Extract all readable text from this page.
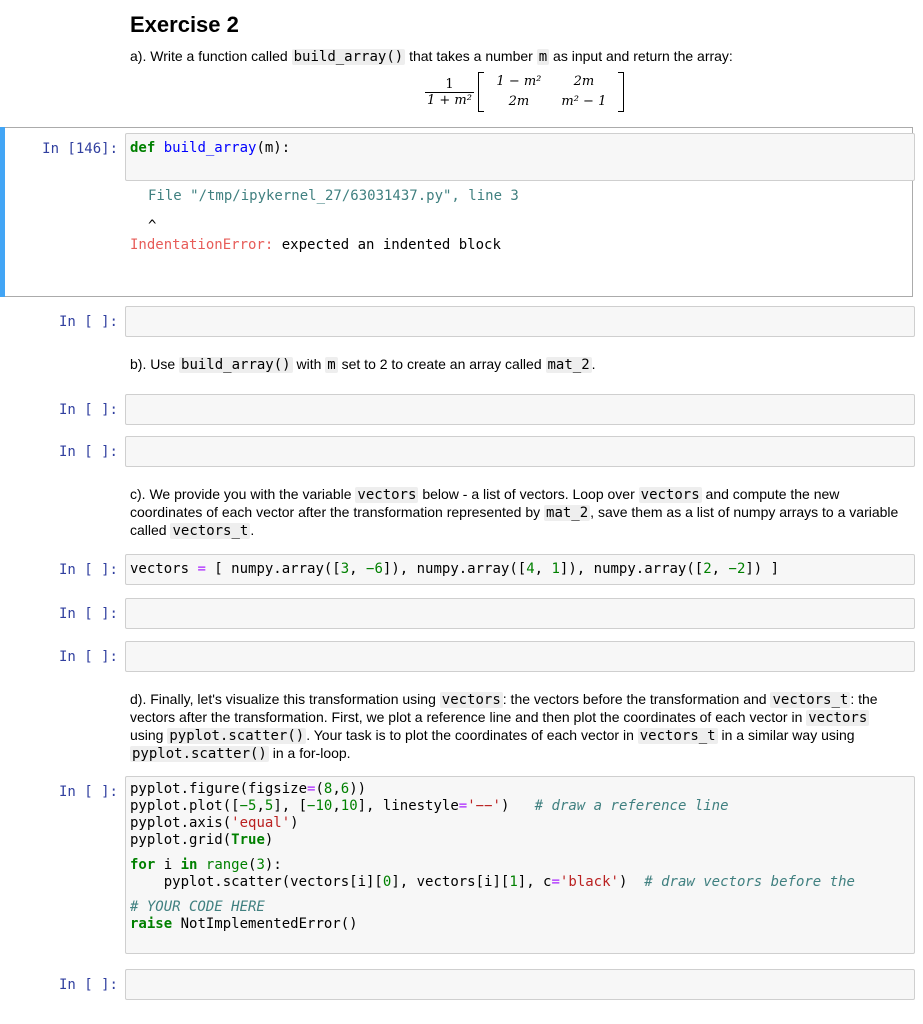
Exercise 2
a). Write a function called build_array() that takes a number m as input and return the array:
$\frac{1}{\text{1 + m²}}$
1 − m²	2m
2m	m² − 1
In [146]: def build_array(m):
File "/tmp/ipykernel_27/63031437.py", line 3
^
IndentationError: expected an indented block
In [ ]:
b). Use build_array() with m set to 2 to create an array called mat_2 .
In [ ]:
In [ ]:
c). We provide you with the variable vectors below - a list of vectors. Loop over vectors and compute the new coordinates of each vector after the transformation represented by mat_2 , save them as a list of numpy arrays to a variable called vectors_t .
In [ ]: vectors = [ numpy.array([3, −6]), numpy.array([4, 1]), numpy.array([2, −2]) ]
In [ ]:
In [ ]:
d). Finally, let's visualize this transformation using vectors : the vectors before the transformation and vectors_t : the vectors after the transformation. First, we plot a reference line and then plot the coordinates of each vector in vectors using pyplot.scatter() . Your task is to plot the coordinates of each vector in vectors_t in a similar way using pyplot.scatter() in a for-loop.
In [ ]: pyplot.figure(figsize=(8,6))
pyplot.plot([−5,5], [−10,10], linestyle='−−')   # draw a reference line
pyplot.axis('equal')
pyplot.grid(True)
for i in range(3):
pyplot.scatter(vectors[i][0], vectors[i][1], c='black')  # draw vectors before the
# YOUR CODE HERE
raise NotImplementedError()
In [ ]:
